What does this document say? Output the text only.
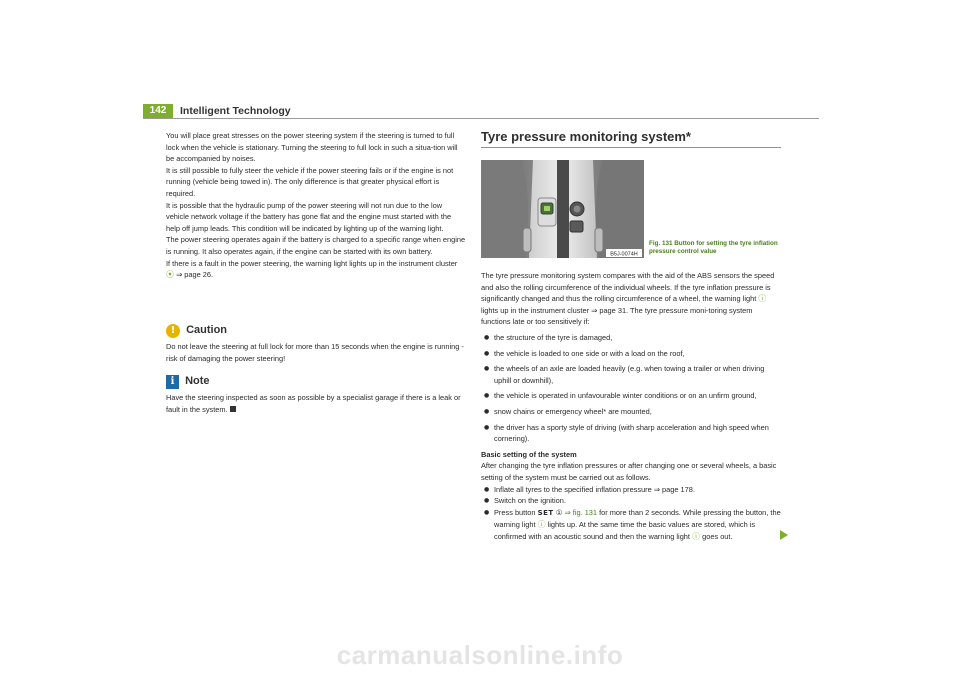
142	Intelligent Technology

You will place great stresses on the power steering system if the steering is turned to full lock when the vehicle is stationary. Turning the steering to full lock in such a situa-tion will be accompanied by noises.

It is still possible to fully steer the vehicle if the power steering fails or if the engine is not running (vehicle being towed in). The only difference is that greater physical effort is required.

It is possible that the hydraulic pump of the power steering will not run due to the low vehicle network voltage if the battery has gone flat and the engine must started with the help off jump leads. This condition will be indicated by lighting up of the warning light.

The power steering operates again if the battery is charged to a specific range when engine is running. It also operates again, if the engine can be started with its own battery.

If there is a fault in the power steering, the warning light lights up in the instrument cluster ⦿ ⇒ page 26.

! Caution
Do not leave the steering at full lock for more than 15 seconds when the engine is running - risk of damaging the power steering!
i Note
Have the steering inspected as soon as possible by a specialist garage if there is a leak or fault in the system.
Tyre pressure monitoring system*
B5J-0074H
Fig. 131 Button for setting the tyre inflation pressure control value

The tyre pressure monitoring system compares with the aid of the ABS sensors the speed and also the rolling circumference of the individual wheels. If the tyre inflation pressure is significantly changed and thus the rolling circumference of a wheel, the warning light ⓘ lights up in the instrument cluster ⇒ page 31. The tyre pressure moni-toring system functions late or too sensitively if:

● the structure of the tyre is damaged,

● the vehicle is loaded to one side or with a load on the roof,

● the wheels of an axle are loaded heavily (e.g. when towing a trailer or when driving uphill or downhill),

● the vehicle is operated in unfavourable winter conditions or on an unfirm ground,

● snow chains or emergency wheel* are mounted,

● the driver has a sporty style of driving (with sharp acceleration and high speed when cornering).

Basic setting of the system

After changing the tyre inflation pressures or after changing one or several wheels, a basic setting of the system must be carried out as follows.

● Inflate all tyres to the specified inflation pressure ⇒ page 178.

● Switch on the ignition.

● Press button SET ① ⇒ fig. 131 for more than 2 seconds. While pressing the button, the warning light ⓘ lights up. At the same time the basic values are stored, which is confirmed with an acoustic sound and then the warning light ⓘ goes out.

carmanualsonline.info
